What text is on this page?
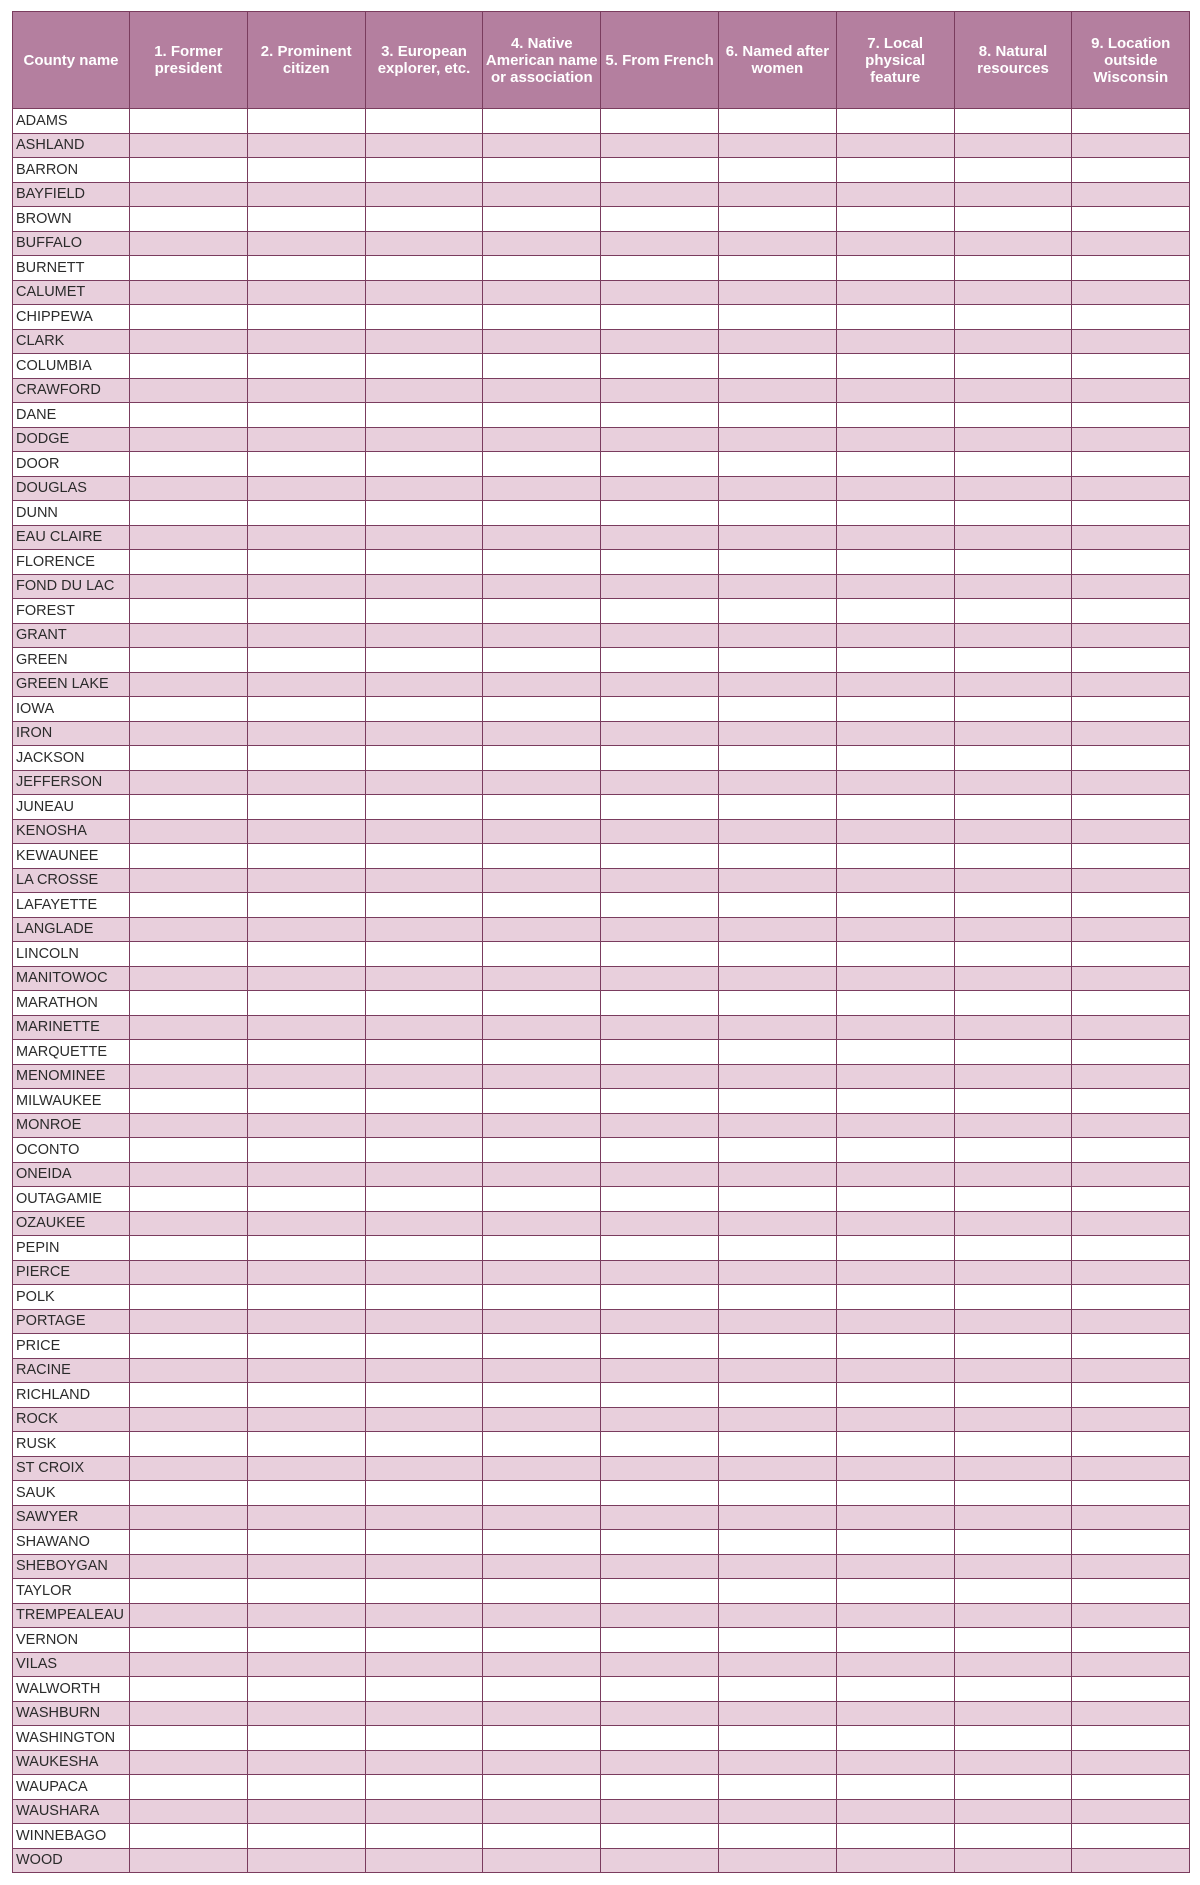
County name	1. Former president	2. Prominent citizen	3. European explorer, etc.	4. Native American name or association	5. From French	6. Named after women	7. Local physical feature	8. Natural resources	9. Location outside Wisconsin
ADAMS									
ASHLAND									
BARRON									
BAYFIELD									
BROWN									
BUFFALO									
BURNETT									
CALUMET									
CHIPPEWA									
CLARK									
COLUMBIA									
CRAWFORD									
DANE									
DODGE									
DOOR									
DOUGLAS									
DUNN									
EAU CLAIRE									
FLORENCE									
FOND DU LAC									
FOREST									
GRANT									
GREEN									
GREEN LAKE									
IOWA									
IRON									
JACKSON									
JEFFERSON									
JUNEAU									
KENOSHA									
KEWAUNEE									
LA CROSSE									
LAFAYETTE									
LANGLADE									
LINCOLN									
MANITOWOC									
MARATHON									
MARINETTE									
MARQUETTE									
MENOMINEE									
MILWAUKEE									
MONROE									
OCONTO									
ONEIDA									
OUTAGAMIE									
OZAUKEE									
PEPIN									
PIERCE									
POLK									
PORTAGE									
PRICE									
RACINE									
RICHLAND									
ROCK									
RUSK									
ST CROIX									
SAUK									
SAWYER									
SHAWANO									
SHEBOYGAN									
TAYLOR									
TREMPEALEAU									
VERNON									
VILAS									
WALWORTH									
WASHBURN									
WASHINGTON									
WAUKESHA									
WAUPACA									
WAUSHARA									
WINNEBAGO									
WOOD									
